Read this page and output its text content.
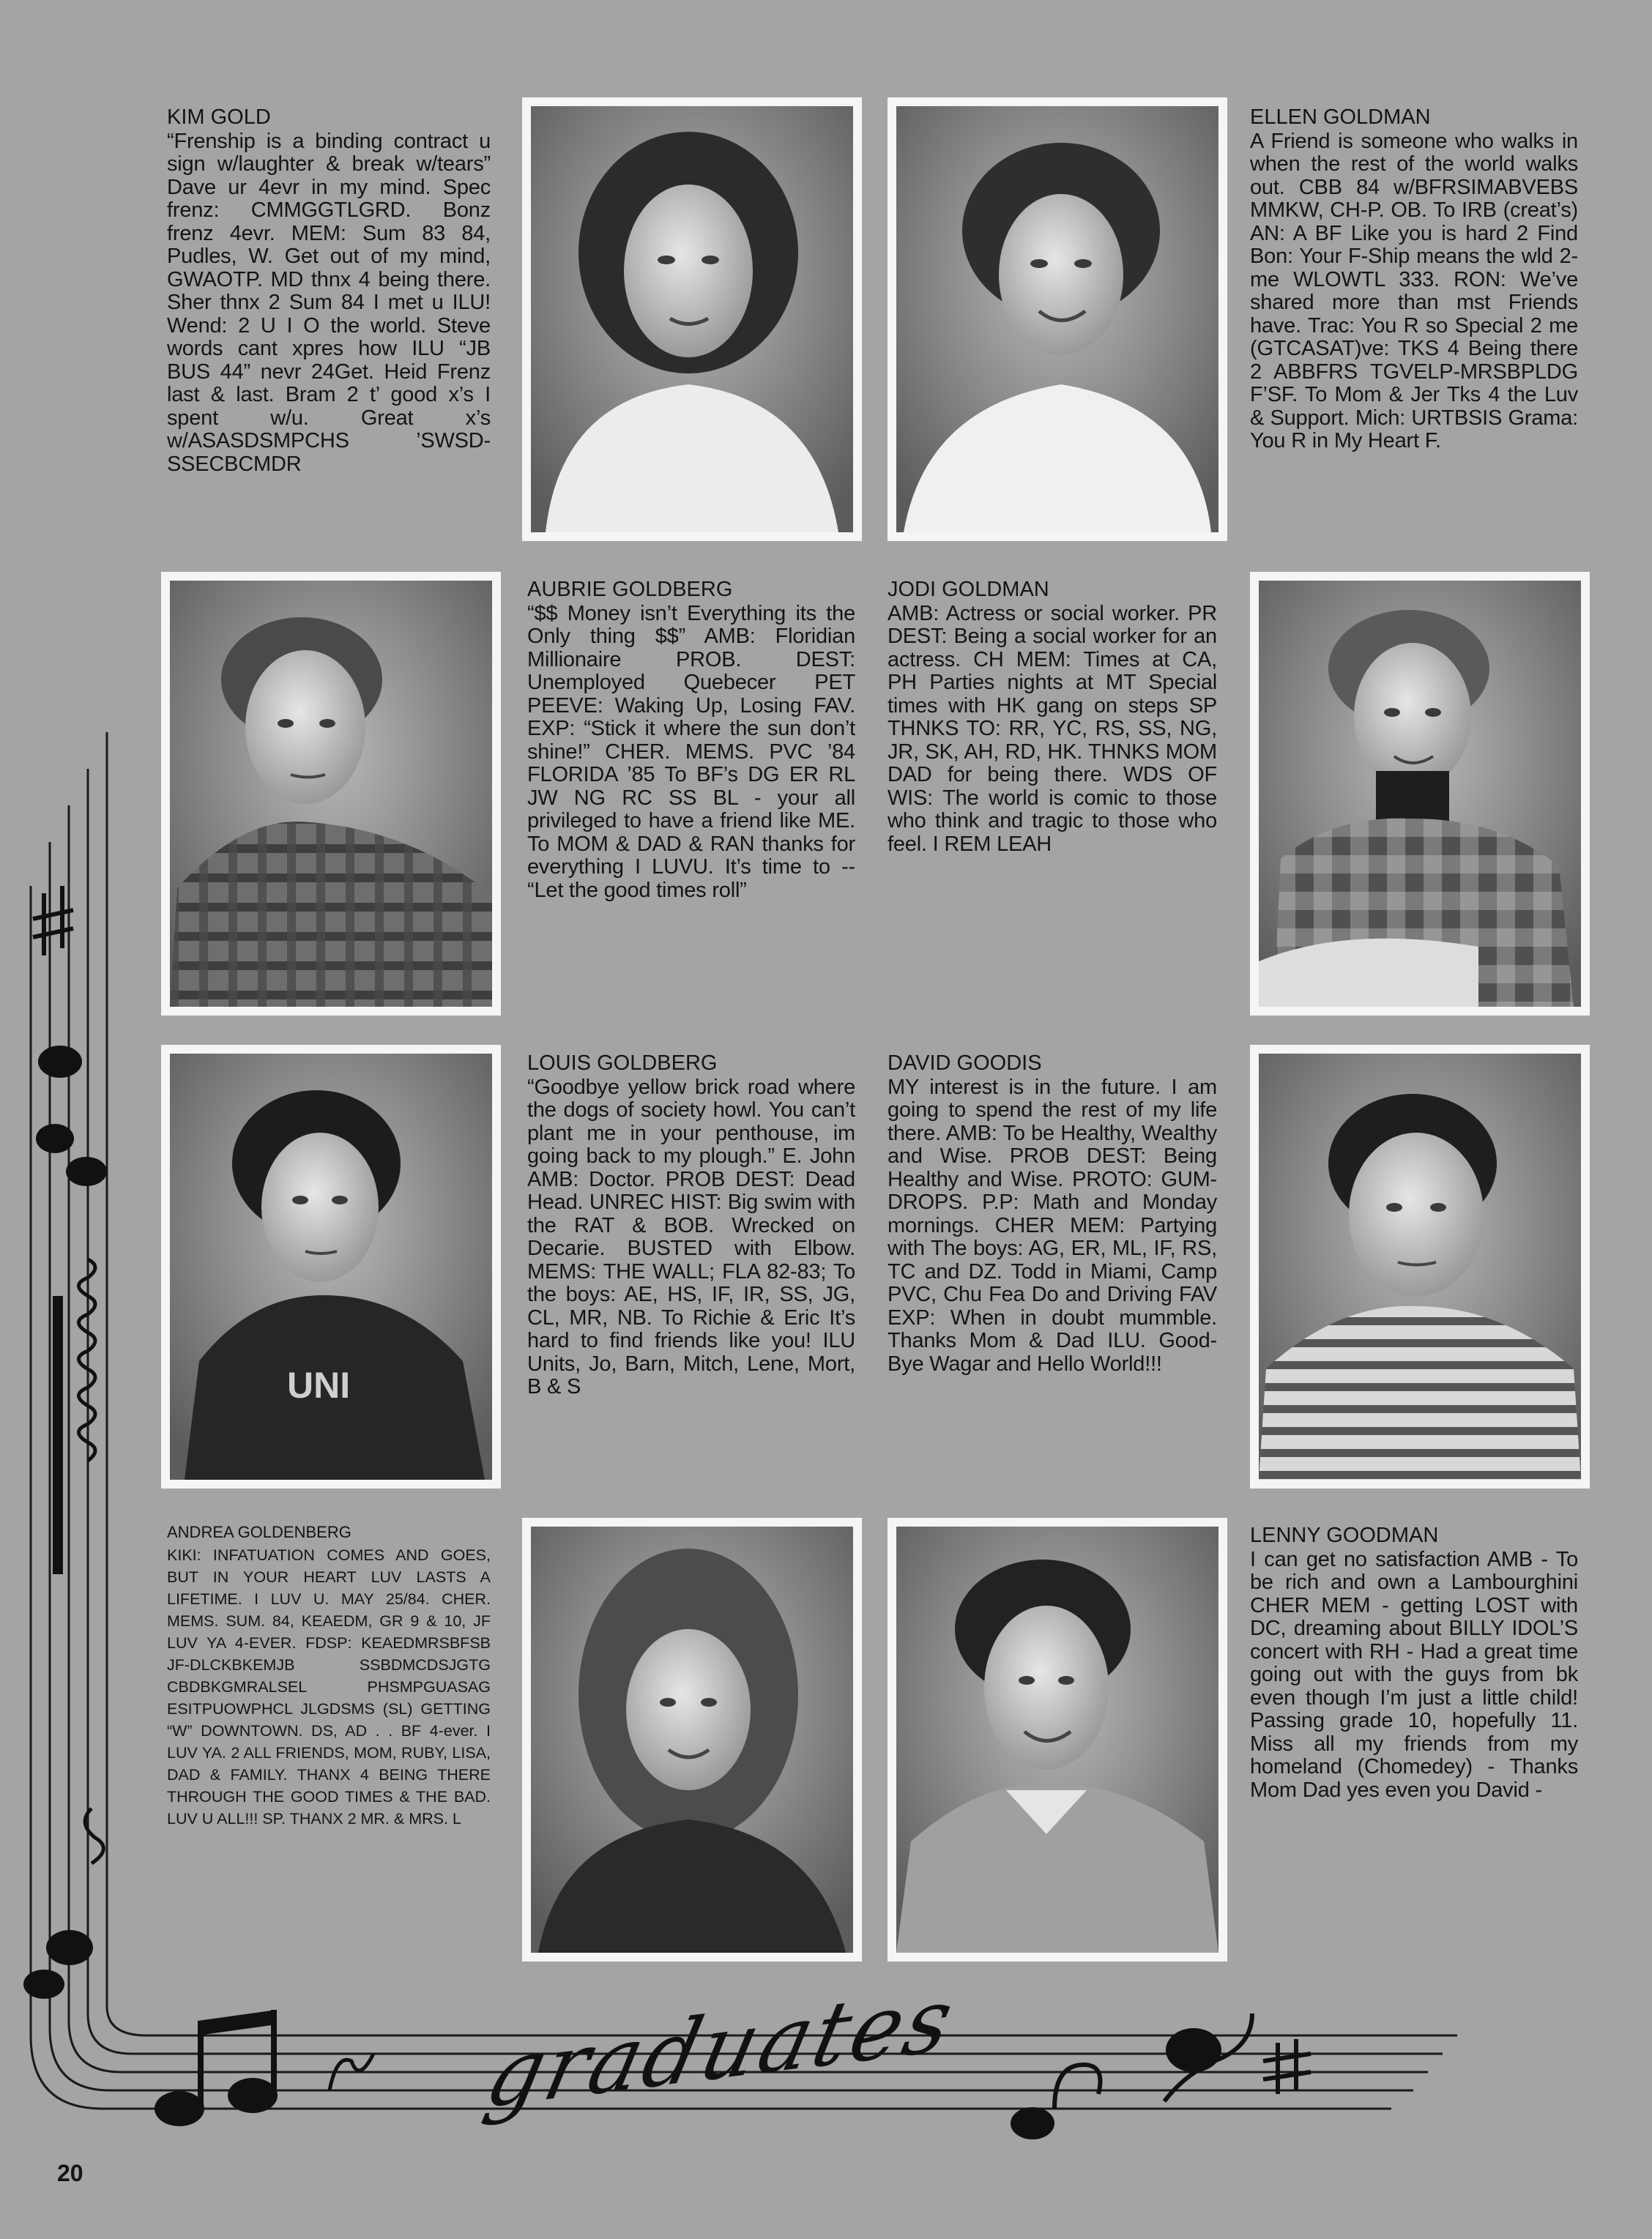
KIM GOLD
“Frenship is a binding contract u sign w/laughter & break w/tears” Dave ur 4evr in my mind. Spec frenz: CMMGGTLGRD. Bonz frenz 4evr. MEM: Sum 83 84, Pudles, W. Get out of my mind, GWAOTP. MD thnx 4 being there. Sher thnx 2 Sum 84 I met u ILU! Wend: 2 U I O the world. Steve words cant xpres how ILU “JB BUS 44” nevr 24Get. Heid Frenz last & last. Bram 2 t’ good x’s I spent w/u. Great x’s w/ASASDSMPCHS ’SWSD-SSECBCMDR
ELLEN GOLDMAN
A Friend is someone who walks in when the rest of the world walks out. CBB 84 w/BFRSIMABVEBS MMKW, CH-P. OB. To IRB (creat’s) AN: A BF Like you is hard 2 Find Bon: Your F-Ship means the wld 2-me WLOWTL 333. RON: We’ve shared more than mst Friends have. Trac: You R so Special 2 me (GTCASAT)ve: TKS 4 Being there 2 ABBFRS TGVELP-MRSBPLDG F’SF. To Mom & Jer Tks 4 the Luv & Support. Mich: URTBSIS Grama: You R in My Heart F.
AUBRIE GOLDBERG
“$$ Money isn’t Everything its the Only thing $$” AMB: Floridian Millionaire PROB. DEST: Unemployed Quebecer PET PEEVE: Waking Up, Losing FAV. EXP: “Stick it where the sun don’t shine!” CHER. MEMS. PVC ’84 FLORIDA ’85 To BF’s DG ER RL JW NG RC SS BL - your all privileged to have a friend like ME. To MOM & DAD & RAN thanks for everything I LUVU. It’s time to -- “Let the good times roll”
JODI GOLDMAN
AMB: Actress or social worker. PR DEST: Being a social worker for an actress. CH MEM: Times at CA, PH Parties nights at MT Special times with HK gang on steps SP THNKS TO: RR, YC, RS, SS, NG, JR, SK, AH, RD, HK. THNKS MOM DAD for being there. WDS OF WIS: The world is comic to those who think and tragic to those who feel. I REM LEAH
LOUIS GOLDBERG
“Goodbye yellow brick road where the dogs of society howl. You can’t plant me in your penthouse, im going back to my plough.” E. John AMB: Doctor. PROB DEST: Dead Head. UNREC HIST: Big swim with the RAT & BOB. Wrecked on Decarie. BUSTED with Elbow. MEMS: THE WALL; FLA 82-83; To the boys: AE, HS, IF, IR, SS, JG, CL, MR, NB. To Richie & Eric It’s hard to find friends like you! ILU Units, Jo, Barn, Mitch, Lene, Mort, B & S
DAVID GOODIS
MY interest is in the future. I am going to spend the rest of my life there. AMB: To be Healthy, Wealthy and Wise. PROB DEST: Being Healthy and Wise. PROTO: GUM-DROPS. P.P: Math and Monday mornings. CHER MEM: Partying with The boys: AG, ER, ML, IF, RS, TC and DZ. Todd in Miami, Camp PVC, Chu Fea Do and Driving FAV EXP: When in doubt mummble. Thanks Mom & Dad ILU. Good-Bye Wagar and Hello World!!!
ANDREA GOLDENBERG
KIKI: INFATUATION COMES AND GOES, BUT IN YOUR HEART LUV LASTS A LIFETIME. I LUV U. MAY 25/84. CHER. MEMS. SUM. 84, KEAEDM, GR 9 & 10, JF LUV YA 4-EVER. FDSP: KEAEDMRSBFSB JF-DLCKBKEMJB SSBDMCDSJGTG CBDBKGMRALSEL PHSMPGUASAG ESITPUOWPHCL JLGDSMS (SL) GETTING “W” DOWNTOWN. DS, AD . . BF 4-ever. I LUV YA. 2 ALL FRIENDS, MOM, RUBY, LISA, DAD & FAMILY. THANX 4 BEING THERE THROUGH THE GOOD TIMES & THE BAD. LUV U ALL!!! SP. THANX 2 MR. & MRS. L
LENNY GOODMAN
I can get no satisfaction AMB - To be rich and own a Lambourghini CHER MEM - getting LOST with DC, dreaming about BILLY IDOL’S concert with RH - Had a great time going out with the guys from bk even though I’m just a little child! Passing grade 10, hopefully 11. Miss all my friends from my homeland (Chomedey) - Thanks Mom Dad yes even you David -
UNI
graduates
20
